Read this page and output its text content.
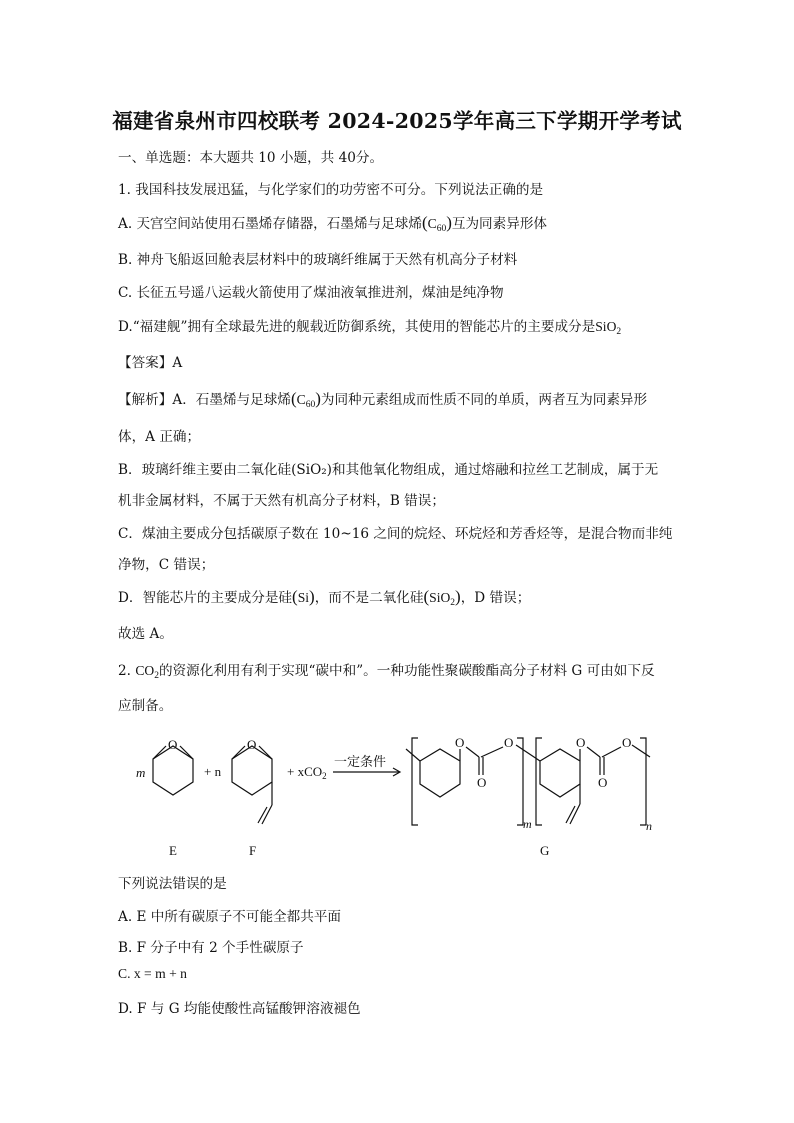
福建省泉州市四校联考 2024-2025学年高三下学期开学考试
一、单选题：本大题共 10 小题，共 40分。
1. 我国科技发展迅猛，与化学家们的功劳密不可分。下列说法正确的是
A. 天宫空间站使用石墨烯存储器，石墨烯与足球烯$(C_{60})$互为同素异形体
B. 神舟飞船返回舱表层材料中的玻璃纤维属于天然有机高分子材料
C. 长征五号遥八运载火箭使用了煤油液氧推进剂，煤油是纯净物
D.“福建舰”拥有全球最先进的舰载近防御系统，其使用的智能芯片的主要成分是SiO$_2$
【答案】A
【解析】A．石墨烯与足球烯$(C_{60})$为同种元素组成而性质不同的单质，两者互为同素异形
体，A 正确；
B．玻璃纤维主要由二氧化硅(SiO₂)和其他氧化物组成，通过熔融和拉丝工艺制成，属于无
机非金属材料，不属于天然有机高分子材料，B 错误；
C．煤油主要成分包括碳原子数在 10~16 之间的烷烃、环烷烃和芳香烃等，是混合物而非纯
净物，C 错误；
D．智能芯片的主要成分是硅(Si)，而不是二氧化硅(SiO$_2$)，D 错误；
故选 A。
2. $CO_2$的资源化利用有利于实现“碳中和”。一种功能性聚碳酸酯高分子材料 G 可由如下反
应制备。
m
O
+ n
O
+ xCO$_2$
一定条件
O
O
O
m
O
O
O
n
E	F	G
下列说法错误的是
A. E 中所有碳原子不可能全都共平面
B. F 分子中有 2 个手性碳原子
C. x = m + n
D. F 与 G 均能使酸性高锰酸钾溶液褪色
